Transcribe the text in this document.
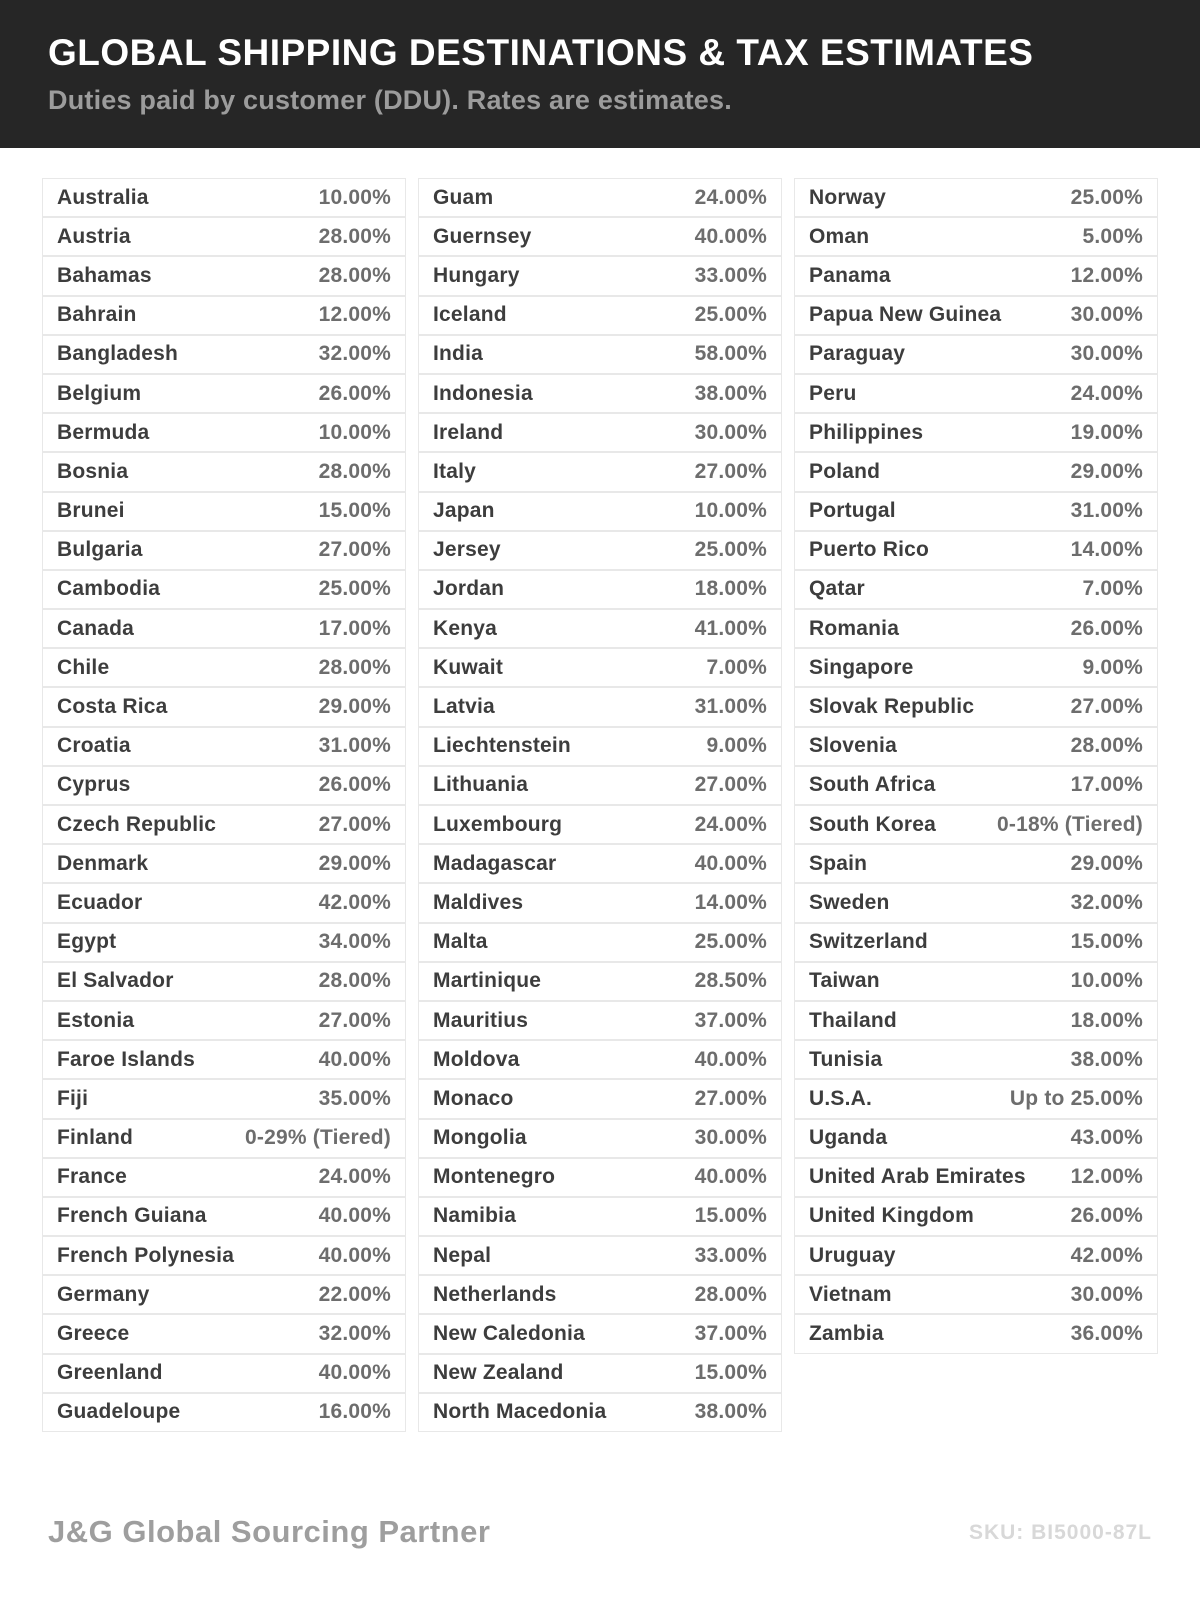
GLOBAL SHIPPING DESTINATIONS & TAX ESTIMATES
Duties paid by customer (DDU). Rates are estimates.
Australia	10.00%
Austria	28.00%
Bahamas	28.00%
Bahrain	12.00%
Bangladesh	32.00%
Belgium	26.00%
Bermuda	10.00%
Bosnia	28.00%
Brunei	15.00%
Bulgaria	27.00%
Cambodia	25.00%
Canada	17.00%
Chile	28.00%
Costa Rica	29.00%
Croatia	31.00%
Cyprus	26.00%
Czech Republic	27.00%
Denmark	29.00%
Ecuador	42.00%
Egypt	34.00%
El Salvador	28.00%
Estonia	27.00%
Faroe Islands	40.00%
Fiji	35.00%
Finland	0-29% (Tiered)
France	24.00%
French Guiana	40.00%
French Polynesia	40.00%
Germany	22.00%
Greece	32.00%
Greenland	40.00%
Guadeloupe	16.00%
Guam	24.00%
Guernsey	40.00%
Hungary	33.00%
Iceland	25.00%
India	58.00%
Indonesia	38.00%
Ireland	30.00%
Italy	27.00%
Japan	10.00%
Jersey	25.00%
Jordan	18.00%
Kenya	41.00%
Kuwait	7.00%
Latvia	31.00%
Liechtenstein	9.00%
Lithuania	27.00%
Luxembourg	24.00%
Madagascar	40.00%
Maldives	14.00%
Malta	25.00%
Martinique	28.50%
Mauritius	37.00%
Moldova	40.00%
Monaco	27.00%
Mongolia	30.00%
Montenegro	40.00%
Namibia	15.00%
Nepal	33.00%
Netherlands	28.00%
New Caledonia	37.00%
New Zealand	15.00%
North Macedonia	38.00%
Norway	25.00%
Oman	5.00%
Panama	12.00%
Papua New Guinea	30.00%
Paraguay	30.00%
Peru	24.00%
Philippines	19.00%
Poland	29.00%
Portugal	31.00%
Puerto Rico	14.00%
Qatar	7.00%
Romania	26.00%
Singapore	9.00%
Slovak Republic	27.00%
Slovenia	28.00%
South Africa	17.00%
South Korea	0-18% (Tiered)
Spain	29.00%
Sweden	32.00%
Switzerland	15.00%
Taiwan	10.00%
Thailand	18.00%
Tunisia	38.00%
U.S.A.	Up to 25.00%
Uganda	43.00%
United Arab Emirates 12.00%
United Kingdom	26.00%
Uruguay	42.00%
Vietnam	30.00%
Zambia	36.00%
J&G Global Sourcing Partner	SKU: BI5000-87L
